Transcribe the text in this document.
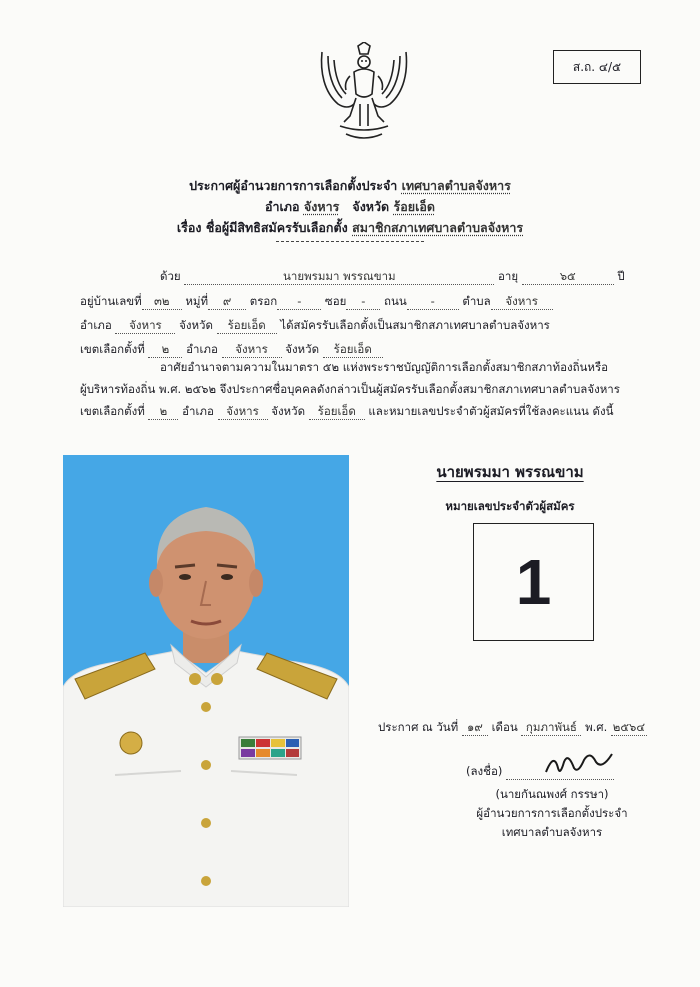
ส.ถ. ๔/๕
ประกาศผู้อำนวยการการเลือกตั้งประจำ เทศบาลตำบลจังหาร
อำเภอ จังหาร จังหวัด ร้อยเอ็ด
เรื่อง ชื่อผู้มีสิทธิสมัครรับเลือกตั้ง สมาชิกสภาเทศบาลตำบลจังหาร
ด้วย	นายพรมมา พรรณขาม	อายุ	๖๕	ปี
อยู่บ้านเลขที่ ๓๒ หมู่ที่ ๙ ตรอก - ซอย - ถนน - ตำบล จังหาร
อำเภอ จังหาร จังหวัด ร้อยเอ็ด ได้สมัครรับเลือกตั้งเป็นสมาชิกสภาเทศบาลตำบลจังหาร
เขตเลือกตั้งที่ ๒ อำเภอ จังหาร จังหวัด ร้อยเอ็ด
อาศัยอำนาจตามความในมาตรา ๕๒ แห่งพระราชบัญญัติการเลือกตั้งสมาชิกสภาท้องถิ่นหรือ
ผู้บริหารท้องถิ่น พ.ศ. ๒๕๖๒ จึงประกาศชื่อบุคคลดังกล่าวเป็นผู้สมัครรับเลือกตั้งสมาชิกสภาเทศบาลตำบลจังหาร
เขตเลือกตั้งที่ ๒ อำเภอ จังหาร จังหวัด ร้อยเอ็ด และหมายเลขประจำตัวผู้สมัครที่ใช้ลงคะแนน ดังนี้
นายพรมมา พรรณขาม
หมายเลขประจำตัวผู้สมัคร
1
ประกาศ ณ วันที่ ๑๙ เดือน กุมภาพันธ์ พ.ศ. ๒๕๖๔
(ลงชื่อ)
(นายกันณพงศ์ กรรษา)
ผู้อำนวยการการเลือกตั้งประจำ
เทศบาลตำบลจังหาร
